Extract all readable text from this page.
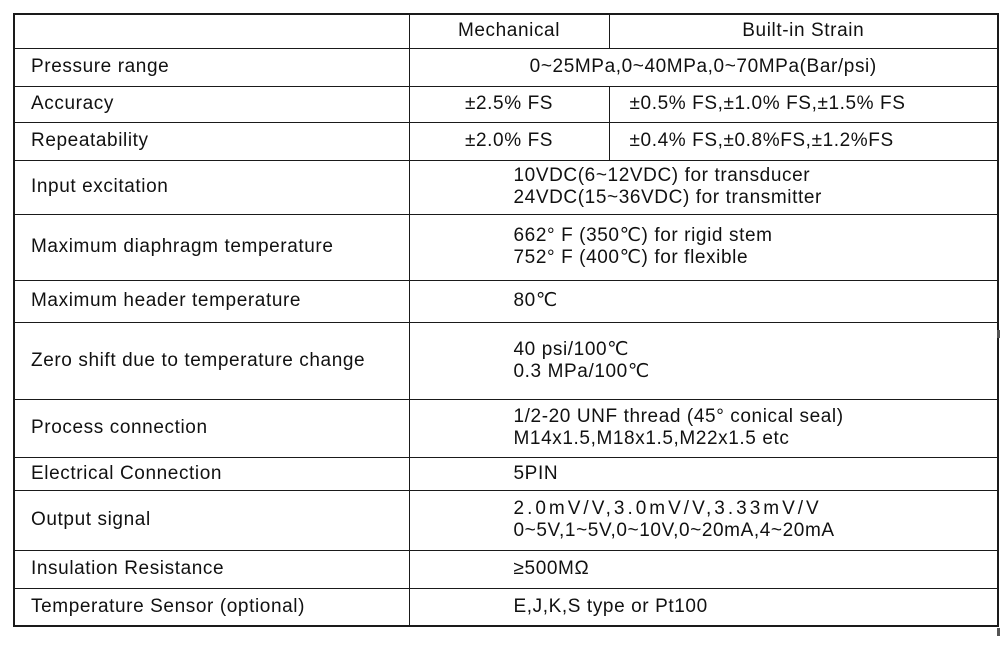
	Mechanical	Built-in Strain
Pressure range	0~25MPa,0~40MPa,0~70MPa(Bar/psi)	
Accuracy	±2.5% FS	±0.5% FS,±1.0% FS,±1.5% FS
Repeatability	±2.0% FS	±0.4% FS,±0.8%FS,±1.2%FS
Input excitation	10VDC(6~12VDC) for transducer
24VDC(15~36VDC) for transmitter	

Maximum diaphragm temperature	662° F (350℃) for rigid stem
752° F (400℃) for flexible	

Maximum header temperature	80℃	
Zero shift due to temperature change	40 psi/100℃
0.3 MPa/100℃	

Process connection	1/2-20 UNF thread (45° conical seal)
M14x1.5,M18x1.5,M22x1.5 etc	

Electrical Connection	5PIN	
Output signal	2.0mV/V,3.0mV/V,3.33mV/V
0~5V,1~5V,0~10V,0~20mA,4~20mA	

Insulation Resistance	≥500MΩ	
Temperature Sensor (optional)	E,J,K,S type or Pt100	
